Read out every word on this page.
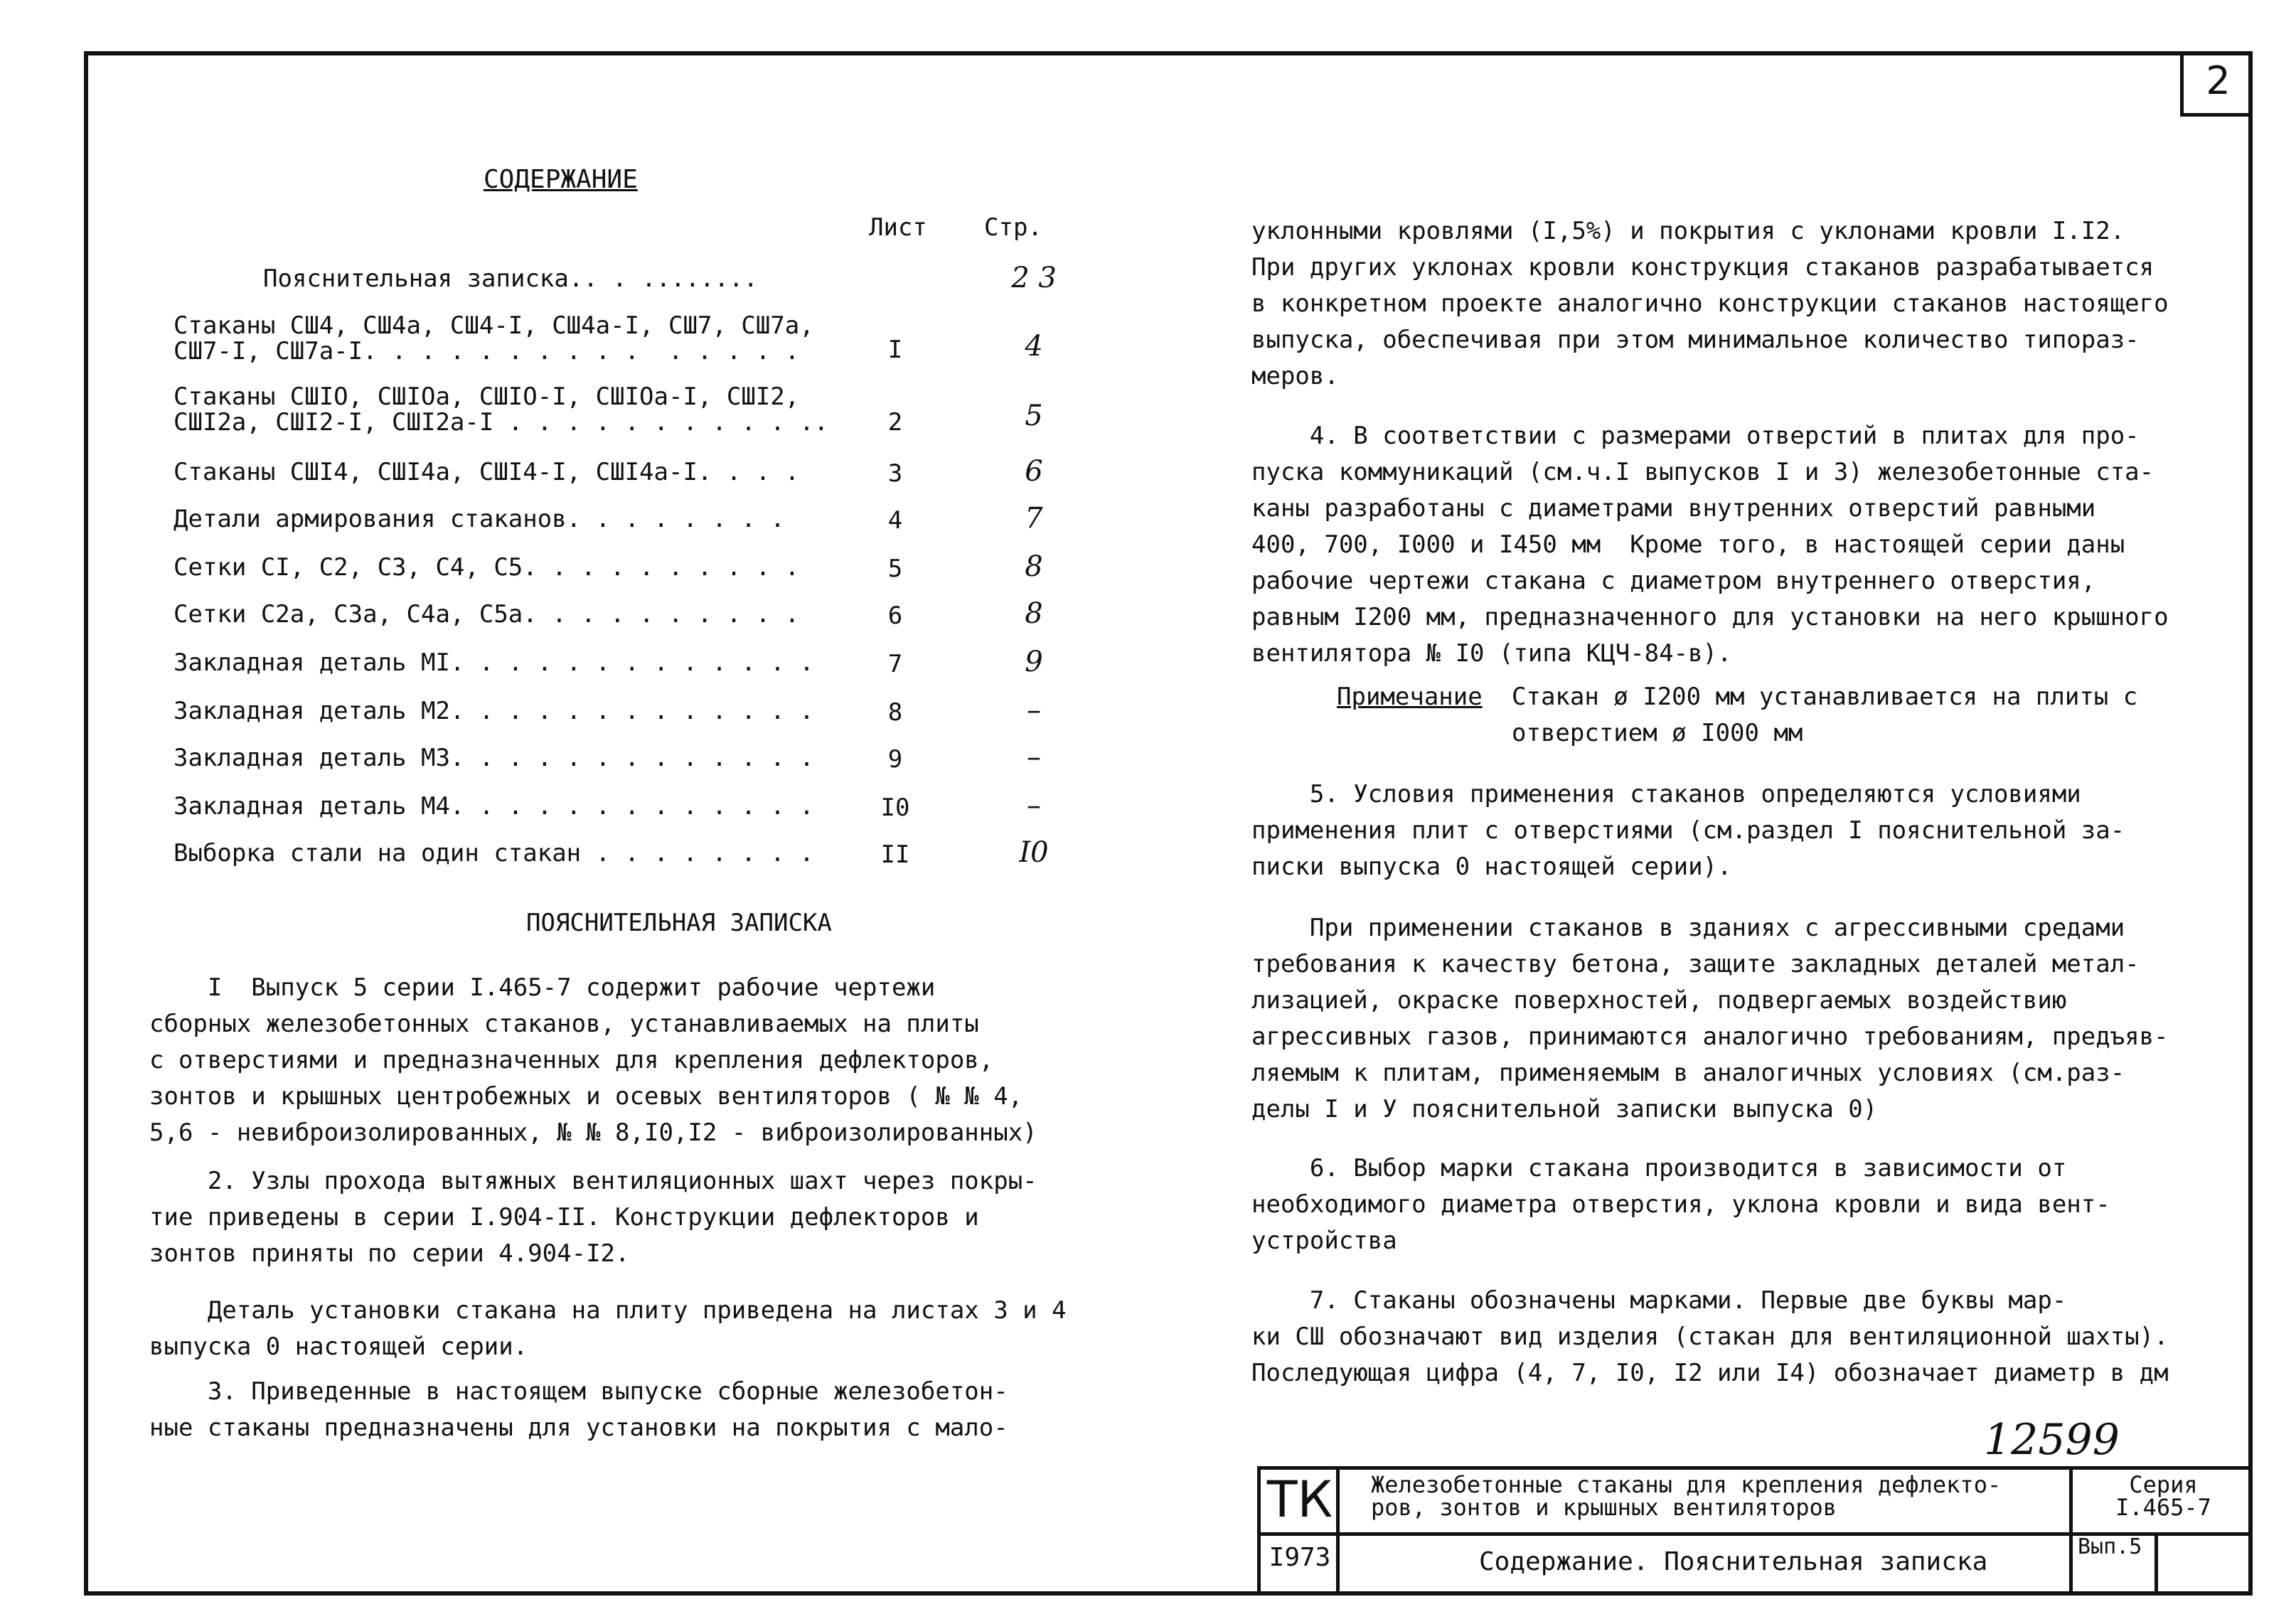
2
СОДЕРЖАНИЕ
Лист Стр.
Пояснительная записка.. . ........	2 3
Стаканы СШ4, СШ4а, СШ4-I, СШ4а-I, СШ7, СШ7а,
СШ7-I, СШ7а-I. . . . . . . . . .  . . . . .	I	4
Стаканы СШIO, СШIOа, СШIO-I, СШIOа-I, СШI2,
СШI2а, СШI2-I, СШI2а-I . . . . . . . . . . ..	2	5
Стаканы СШI4, СШI4а, СШI4-I, СШI4а-I. . . .	3	6
Детали армирования стаканов. . . . . . . .	4	7
Сетки CI, C2, C3, C4, C5. . . . . . . . . .	5	8
Сетки С2а, С3а, С4а, С5а. . . . . . . . . .	6	8
Закладная деталь МI. . . . . . . . . . . . .	7	9
Закладная деталь М2. . . . . . . . . . . . .	8	–
Закладная деталь М3. . . . . . . . . . . . .	9	–
Закладная деталь М4. . . . . . . . . . . . .	I0	–
Выборка стали на один стакан . . . . . . . .	II	I0
ПОЯСНИТЕЛЬНАЯ ЗАПИСКА
I  Выпуск 5 серии I.465-7 содержит рабочие чертежи
сборных железобетонных стаканов, устанавливаемых на плиты
с отверстиями и предназначенных для крепления дефлекторов,
зонтов и крышных центробежных и осевых вентиляторов ( № № 4,
5,6 - невиброизолированных, № № 8,I0,I2 - виброизолированных)
2. Узлы прохода вытяжных вентиляционных шахт через покры-
тие приведены в серии I.904-II. Конструкции дефлекторов и
зонтов приняты по серии 4.904-I2.
Деталь установки стакана на плиту приведена на листах 3 и 4
выпуска 0 настоящей серии.
3. Приведенные в настоящем выпуске сборные железобетон-
ные стаканы предназначены для установки на покрытия с мало-
уклонными кровлями (I,5%) и покрытия с уклонами кровли I.I2.
При других уклонах кровли конструкция стаканов разрабатывается
в конкретном проекте аналогично конструкции стаканов настоящего
выпуска, обеспечивая при этом минимальное количество типораз-
меров.
4. В соответствии с размерами отверстий в плитах для про-
пуска коммуникаций (см.ч.I выпусков I и 3) железобетонные ста-
каны разработаны с диаметрами внутренних отверстий равными
400, 700, I000 и I450 мм  Кроме того, в настоящей серии даны
рабочие чертежи стакана с диаметром внутреннего отверстия,
равным I200 мм, предназначенного для установки на него крышного
вентилятора № I0 (типа КЦЧ-84-в).
Примечание Стакан ø I200 мм устанавливается на плиты с
отверстием ø I000 мм
5. Условия применения стаканов определяются условиями
применения плит с отверстиями (см.раздел I пояснительной за-
писки выпуска 0 настоящей серии).
При применении стаканов в зданиях с агрессивными средами
требования к качеству бетона, защите закладных деталей метал-
лизацией, окраске поверхностей, подвергаемых воздействию
агрессивных газов, принимаются аналогично требованиям, предъяв-
ляемым к плитам, применяемым в аналогичных условиях (см.раз-
делы I и У пояснительной записки выпуска 0)
6. Выбор марки стакана производится в зависимости от
необходимого диаметра отверстия, уклона кровли и вида вент-
устройства
7. Стаканы обозначены марками. Первые две буквы мар-
ки СШ обозначают вид изделия (стакан для вентиляционной шахты).
Последующая цифра (4, 7, I0, I2 или I4) обозначает диаметр в дм
12599
ТК
I973
Железобетонные стаканы для крепления дефлекто-
ров, зонтов и крышных вентиляторов
Содержание. Пояснительная записка
Серия
I.465-7
Вып.5
